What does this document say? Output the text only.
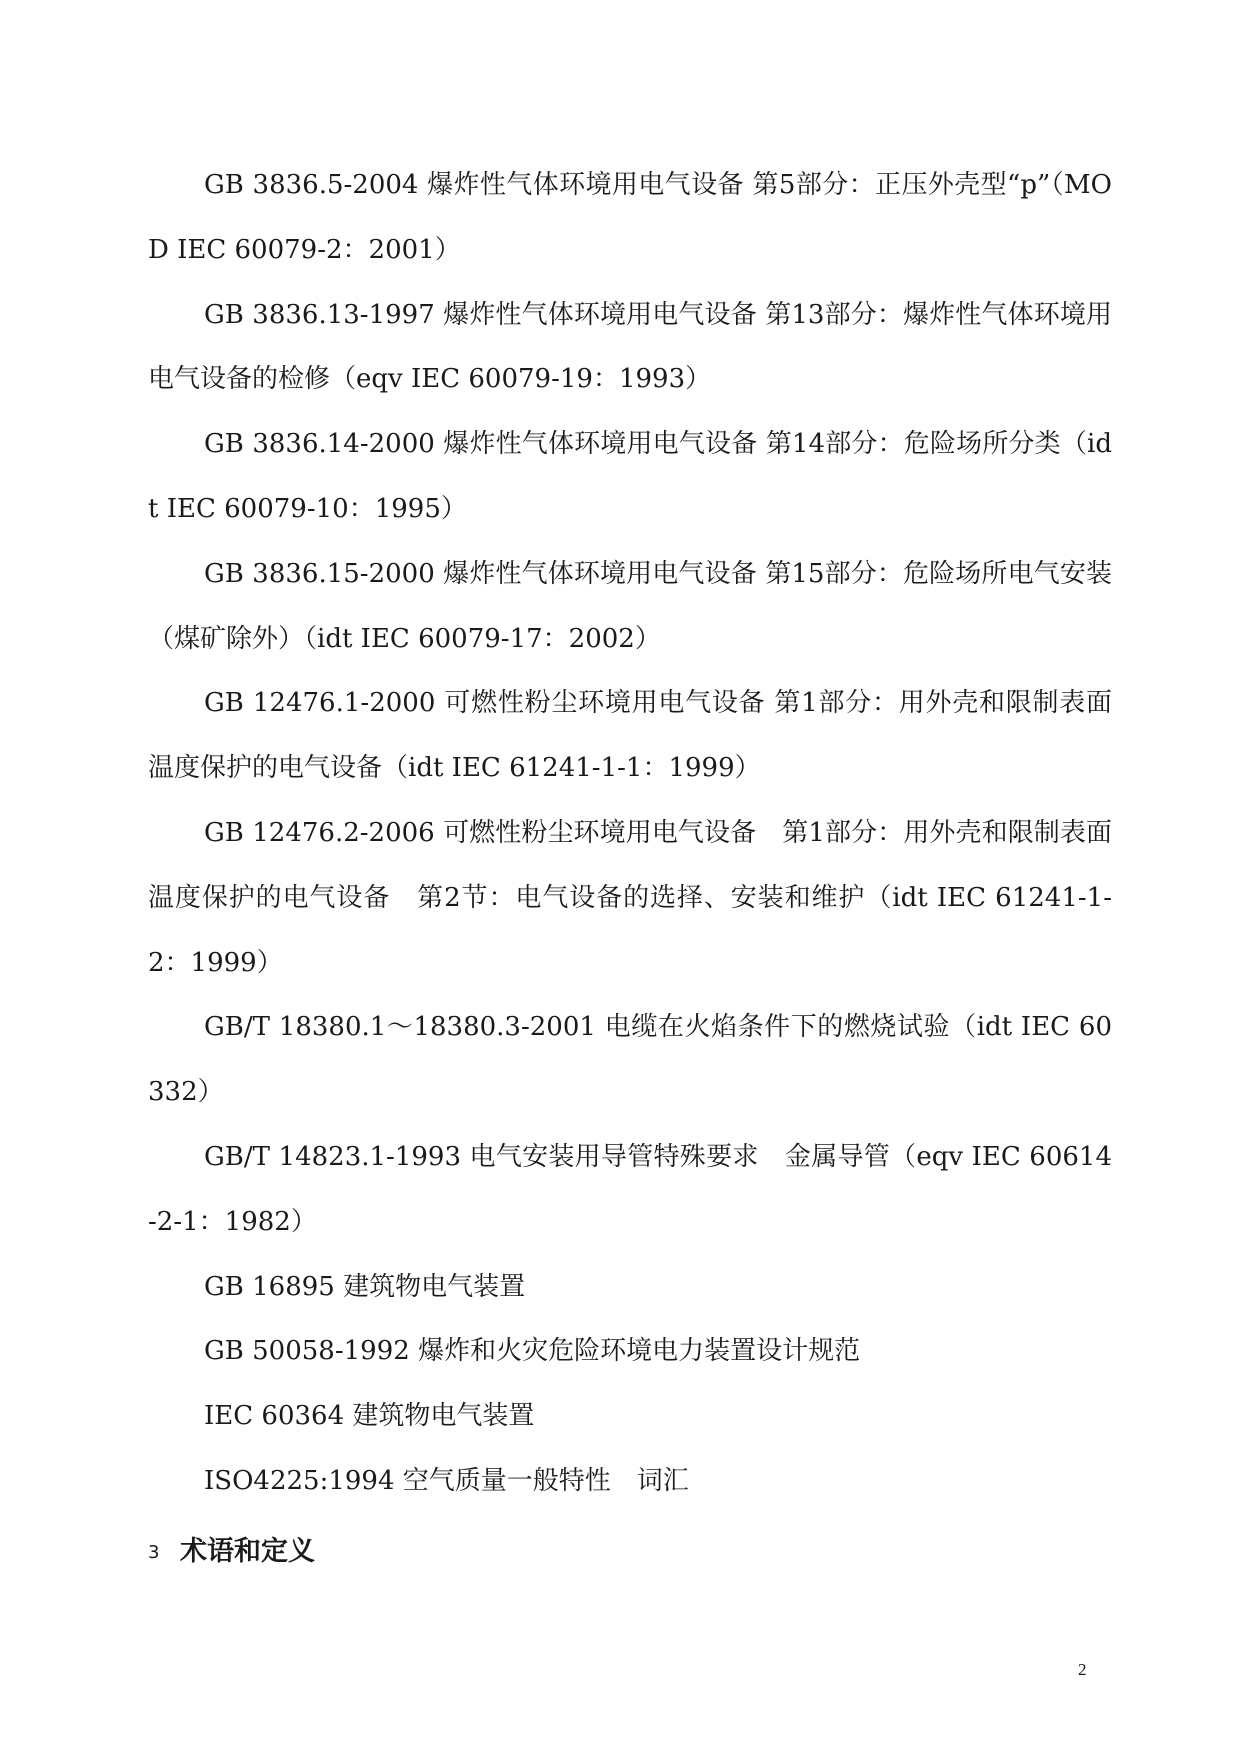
GB 3836.5-2004 爆炸性气体环境用电气设备 第5部分：正压外壳型“p”（MOD IEC 60079-2：2001）

GB 3836.13-1997 爆炸性气体环境用电气设备 第13部分：爆炸性气体环境用电气设备的检修（eqv IEC 60079-19：1993）

GB 3836.14-2000 爆炸性气体环境用电气设备 第14部分：危险场所分类（idt IEC 60079-10：1995）

GB 3836.15-2000 爆炸性气体环境用电气设备 第15部分：危险场所电气安装（煤矿除外）（idt IEC 60079-17：2002）

GB 12476.1-2000 可燃性粉尘环境用电气设备 第1部分：用外壳和限制表面温度保护的电气设备（idt IEC 61241-1-1：1999）

GB 12476.2-2006 可燃性粉尘环境用电气设备　第1部分：用外壳和限制表面温度保护的电气设备　第2节：电气设备的选择、安装和维护（idt IEC 61241-1-2：1999）

GB/T 18380.1～18380.3-2001 电缆在火焰条件下的燃烧试验（idt IEC 60332）

GB/T 14823.1-1993 电气安装用导管特殊要求　金属导管（eqv IEC 60614-2-1：1982）

GB 16895 建筑物电气装置

GB 50058-1992 爆炸和火灾危险环境电力装置设计规范

IEC 60364 建筑物电气装置

ISO4225:1994 空气质量一般特性　词汇

3 术语和定义
2
